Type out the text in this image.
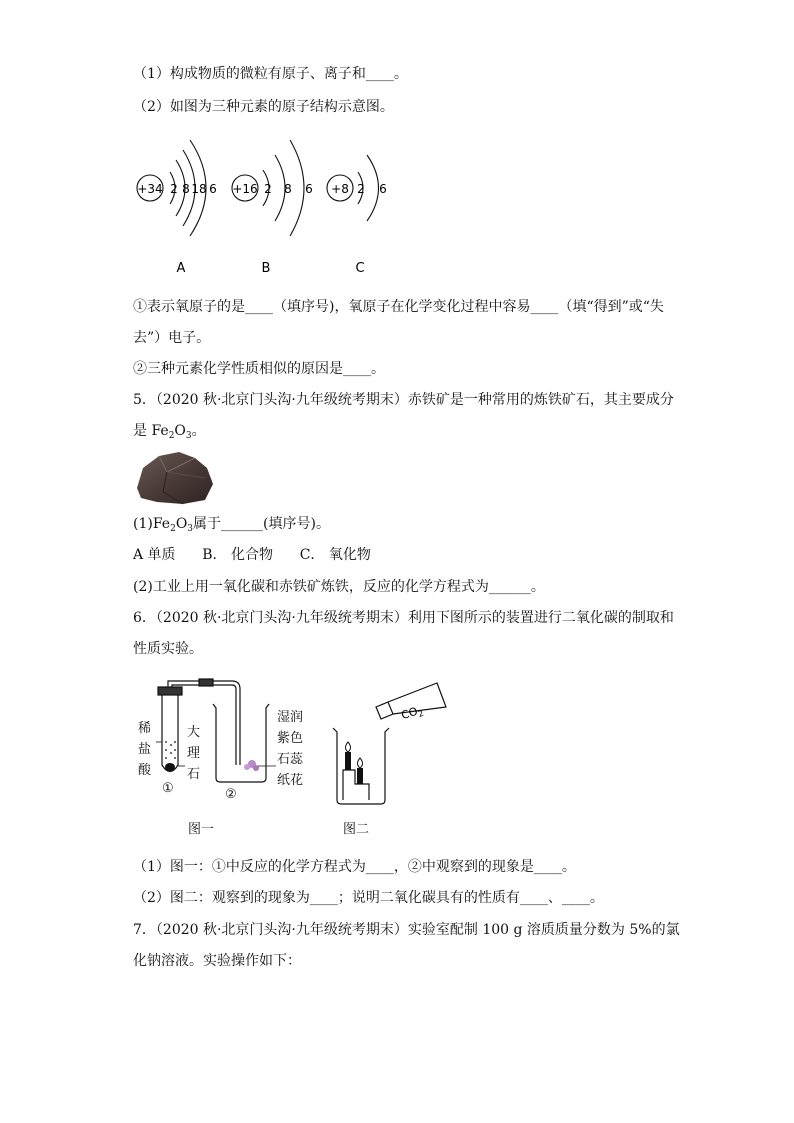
（1）构成物质的微粒有原子、离子和____。
（2）如图为三种元素的原子结构示意图。
+34 2 8 18 6 +16 2 8 6 +8 2 6
A	B	C
①表示氧原子的是____（填序号)，氧原子在化学变化过程中容易____（填“得到”或“失
去”）电子。
②三种元素化学性质相似的原因是____。
5．（2020 秋·北京门头沟·九年级统考期末）赤铁矿是一种常用的炼铁矿石，其主要成分
是 $Fe_2O_3$。
$(1)Fe_2O_3$属于______(填序号)。
A 单质      B． 化合物      C． 氧化物
(2)工业上用一氧化碳和赤铁矿炼铁，反应的化学方程式为______。
6．（2020 秋·北京门头沟·九年级统考期末）利用下图所示的装置进行二氧化碳的制取和
性质实验。
$CO_2$
稀
盐
酸
大
理
石
湿润
紫色
石蕊
纸花
①	②
图一	图二
（1）图一：①中反应的化学方程式为____，②中观察到的现象是____。
（2）图二：观察到的现象为____；说明二氧化碳具有的性质有____、____。
7．（2020 秋·北京门头沟·九年级统考期末）实验室配制 100 g 溶质质量分数为 5%的氯
化钠溶液。实验操作如下：
